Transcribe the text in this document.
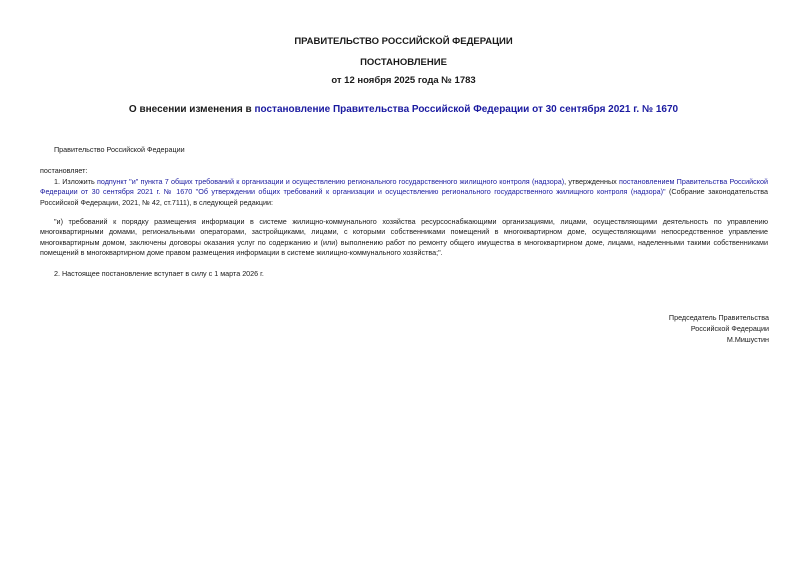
ПРАВИТЕЛЬСТВО РОССИЙСКОЙ ФЕДЕРАЦИИ
ПОСТАНОВЛЕНИЕ
от 12 ноября 2025 года № 1783
О внесении изменения в постановление Правительства Российской Федерации от 30 сентября 2021 г. № 1670
Правительство Российской Федерации
постановляет:
1. Изложить подпункт "и" пункта 7 общих требований к организации и осуществлению регионального государственного жилищного контроля (надзора), утвержденных постановлением Правительства Российской Федерации от 30 сентября 2021 г. № 1670 "Об утверждении общих требований к организации и осуществлению регионального государственного жилищного контроля (надзора)" (Собрание законодательства Российской Федерации, 2021, № 42, ст.7111), в следующей редакции:
"и) требований к порядку размещения информации в системе жилищно-коммунального хозяйства ресурсоснабжающими организациями, лицами, осуществляющими деятельность по управлению многоквартирными домами, региональными операторами, застройщиками, лицами, с которыми собственниками помещений в многоквартирном доме, осуществляющими непосредственное управление многоквартирным домом, заключены договоры оказания услуг по содержанию и (или) выполнению работ по ремонту общего имущества в многоквартирном доме, лицами, наделенными такими собственниками помещений в многоквартирном доме правом размещения информации в системе жилищно-коммунального хозяйства;".
2. Настоящее постановление вступает в силу с 1 марта 2026 г.
Председатель Правительства
Российской Федерации
М.Мишустин
